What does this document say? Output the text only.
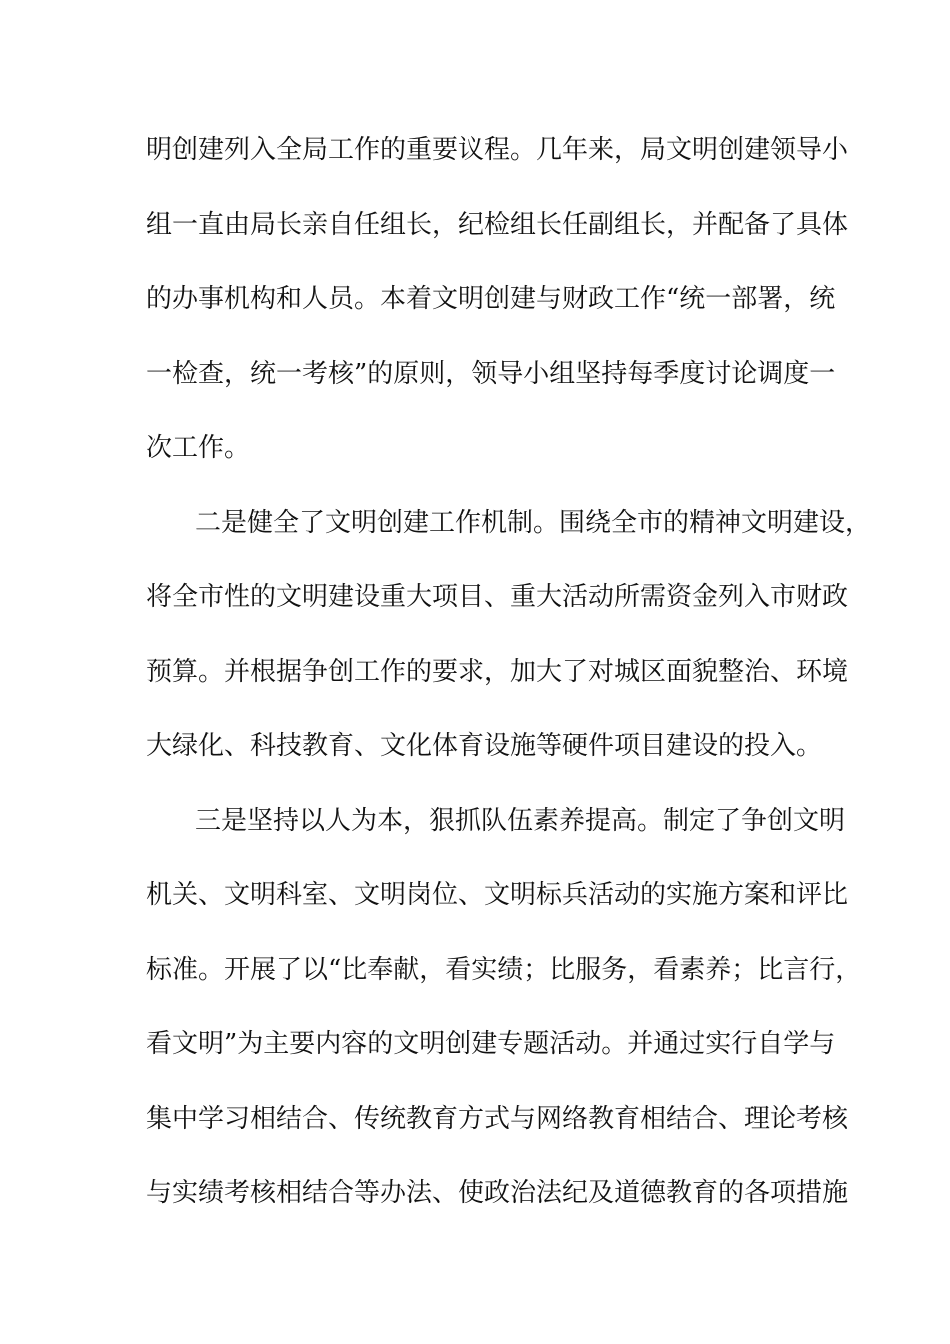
明创建列入全局工作的重要议程。几年来，局文明创建领导小
组一直由局长亲自任组长，纪检组长任副组长，并配备了具体
的办事机构和人员。本着文明创建与财政工作“统一部署，统
一检查，统一考核”的原则，领导小组坚持每季度讨论调度一
次工作。
二是健全了文明创建工作机制。围绕全市的精神文明建设，
将全市性的文明建设重大项目、重大活动所需资金列入市财政
预算。并根据争创工作的要求，加大了对城区面貌整治、环境
大绿化、科技教育、文化体育设施等硬件项目建设的投入。
三是坚持以人为本，狠抓队伍素养提高。制定了争创文明
机关、文明科室、文明岗位、文明标兵活动的实施方案和评比
标准。开展了以“比奉献，看实绩；比服务，看素养；比言行，
看文明”为主要内容的文明创建专题活动。并通过实行自学与
集中学习相结合、传统教育方式与网络教育相结合、理论考核
与实绩考核相结合等办法、使政治法纪及道德教育的各项措施
